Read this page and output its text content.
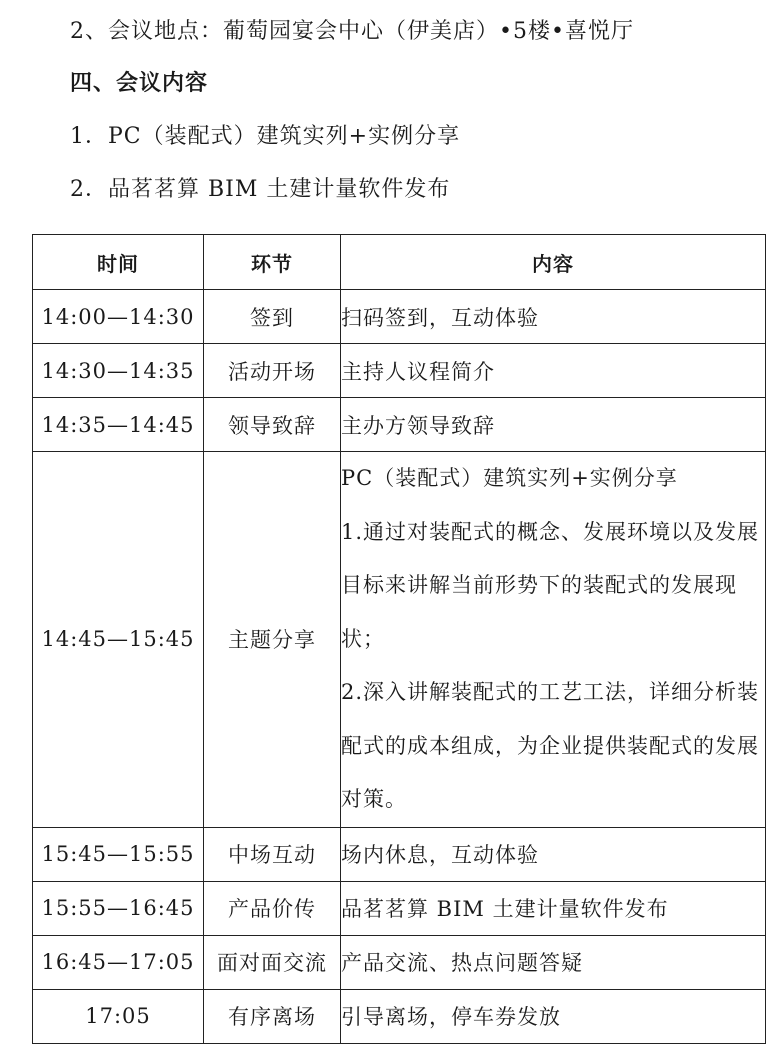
2、会议地点：葡萄园宴会中心（伊美店）•5楼•喜悦厅
四、会议内容
1．PC（装配式）建筑实列+实例分享
2．品茗茗算 BIM 土建计量软件发布
时间	环节	内容
14:00—14:30	签到	扫码签到，互动体验
14:30—14:35	活动开场	主持人议程简介
14:35—14:45	领导致辞	主办方领导致辞
14:45—15:45	主题分享	PC（装配式）建筑实列+实例分享
1.通过对装配式的概念、发展环境以及发展目标来讲解当前形势下的装配式的发展现状；
2.深入讲解装配式的工艺工法，详细分析装配式的成本组成，为企业提供装配式的发展对策。

15:45—15:55	中场互动	场内休息，互动体验
15:55—16:45	产品价传	品茗茗算 BIM 土建计量软件发布
16:45—17:05	面对面交流	产品交流、热点问题答疑
17:05	有序离场	引导离场，停车券发放
